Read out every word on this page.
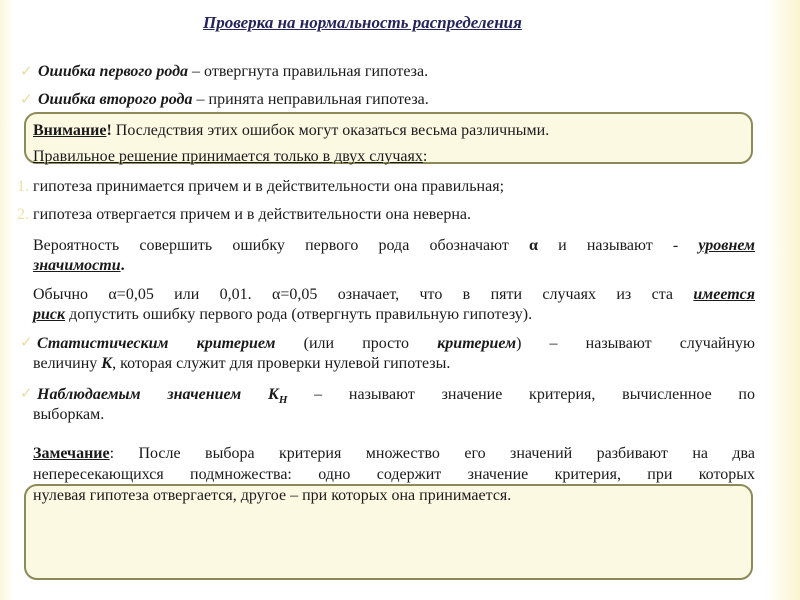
Проверка на нормальность распределения
✓ Ошибка первого рода – отвергнута правильная гипотеза.
✓ Ошибка второго рода – принята неправильная гипотеза.
Внимание! Последствия этих ошибок могут оказаться весьма различными.
Правильное решение принимается только в двух случаях:
1. гипотеза принимается причем и в действительности она правильная;
2. гипотеза отвергается причем и в действительности она неверна.
Вероятность совершить ошибку первого рода обозначают α и называют - уровнем
значимости.
Обычно α=0,05 или 0,01. α=0,05 означает, что в пяти случаях из ста имеется
риск допустить ошибку первого рода (отвергнуть правильную гипотезу).
✓ Статистическим критерием (или просто критерием) – называют случайную
величину К, которая служит для проверки нулевой гипотезы.
✓ Наблюдаемым значением $К_Н$ – называют значение критерия, вычисленное по
выборкам.
Замечание: После выбора критерия множество его значений разбивают на два
непересекающихся подмножества: одно содержит значение критерия, при которых
нулевая гипотеза отвергается, другое – при которых она принимается.
